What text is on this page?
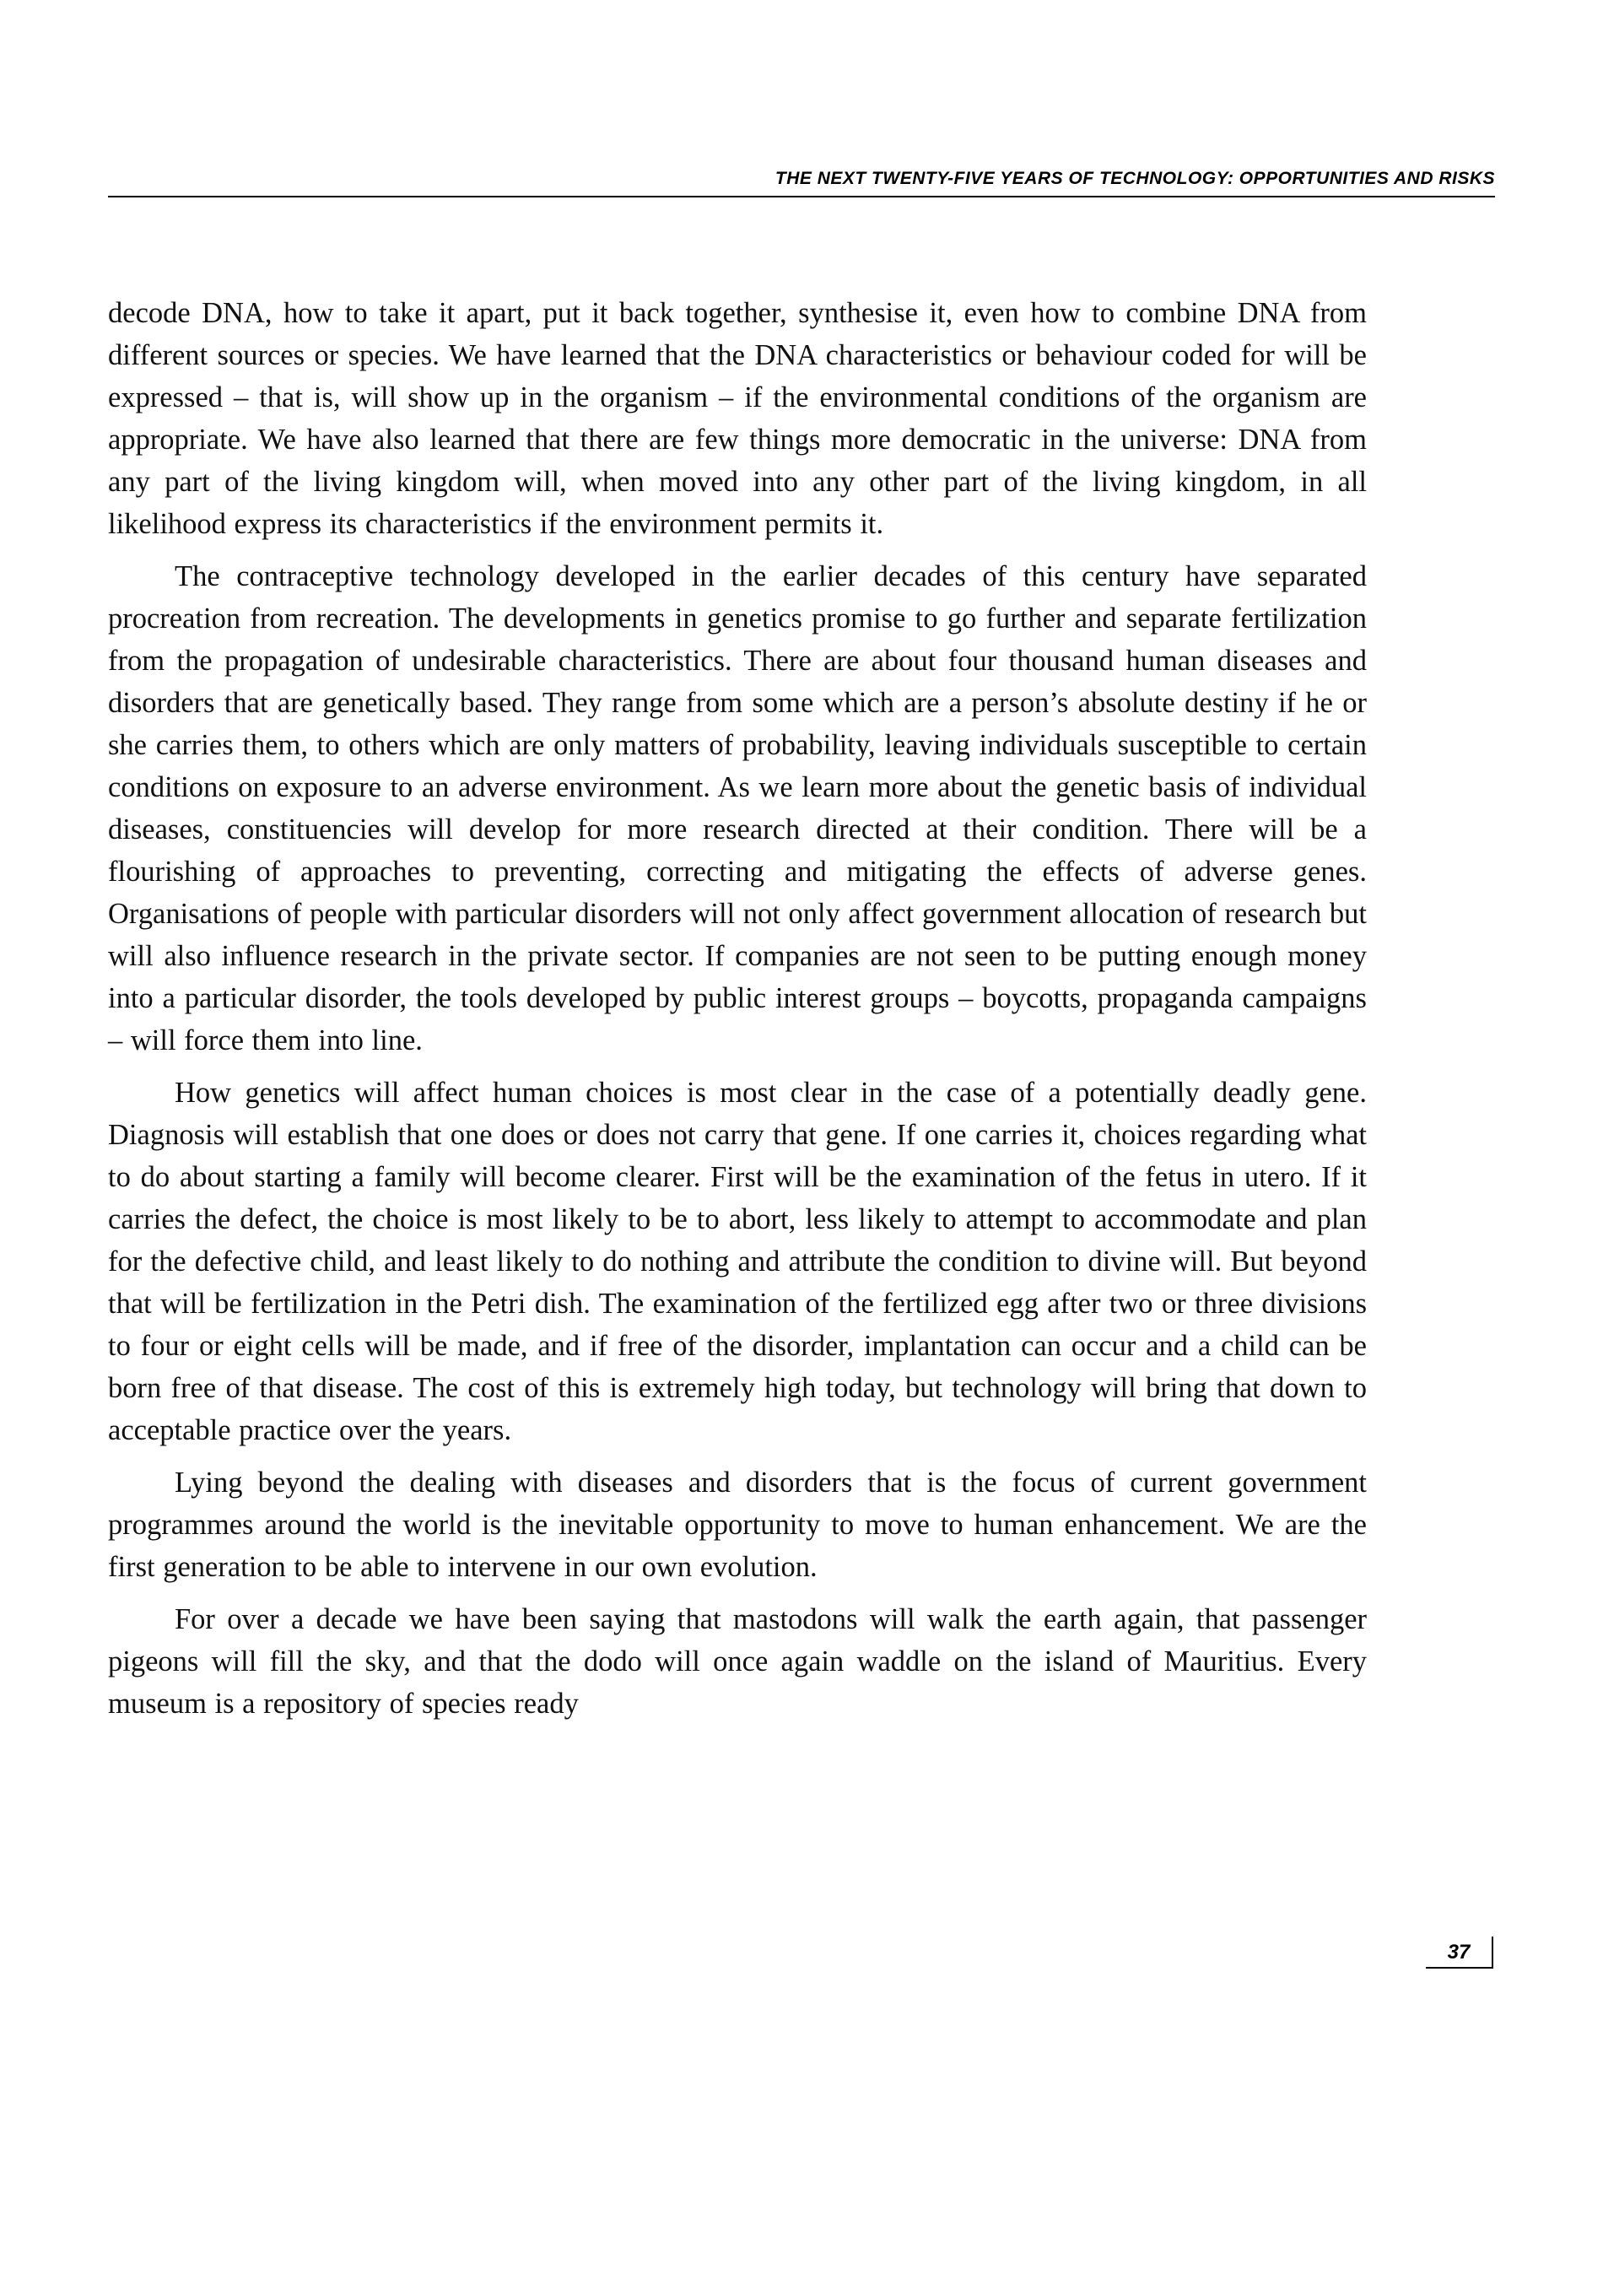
THE NEXT TWENTY-FIVE YEARS OF TECHNOLOGY: OPPORTUNITIES AND RISKS

decode DNA, how to take it apart, put it back together, synthesise it, even how to combine DNA from different sources or species. We have learned that the DNA characteristics or behaviour coded for will be expressed – that is, will show up in the organism – if the environmental conditions of the organism are appropriate. We have also learned that there are few things more democratic in the universe: DNA from any part of the living kingdom will, when moved into any other part of the living kingdom, in all likelihood express its characteristics if the environment permits it.

The contraceptive technology developed in the earlier decades of this century have separated procreation from recreation. The developments in genetics promise to go further and separate fertilization from the propagation of undesirable characteristics. There are about four thousand human diseases and disorders that are genetically based. They range from some which are a person’s absolute destiny if he or she carries them, to others which are only matters of probability, leaving individuals susceptible to certain conditions on exposure to an adverse environment. As we learn more about the genetic basis of individual diseases, constituencies will develop for more research directed at their condition. There will be a flourishing of approaches to preventing, correcting and mitigating the effects of adverse genes. Organisations of people with particular disorders will not only affect government allocation of research but will also influence research in the private sector. If companies are not seen to be putting enough money into a particular disorder, the tools developed by public interest groups – boycotts, propaganda campaigns – will force them into line.

How genetics will affect human choices is most clear in the case of a potentially deadly gene. Diagnosis will establish that one does or does not carry that gene. If one carries it, choices regarding what to do about starting a family will become clearer. First will be the examination of the fetus in utero. If it carries the defect, the choice is most likely to be to abort, less likely to attempt to accommodate and plan for the defective child, and least likely to do nothing and attribute the condition to divine will. But beyond that will be fertilization in the Petri dish. The examination of the fertilized egg after two or three divisions to four or eight cells will be made, and if free of the disorder, implantation can occur and a child can be born free of that disease. The cost of this is extremely high today, but technology will bring that down to acceptable practice over the years.

Lying beyond the dealing with diseases and disorders that is the focus of current government programmes around the world is the inevitable opportunity to move to human enhancement. We are the first generation to be able to intervene in our own evolution.

For over a decade we have been saying that mastodons will walk the earth again, that passenger pigeons will fill the sky, and that the dodo will once again waddle on the island of Mauritius. Every museum is a repository of species ready

37
